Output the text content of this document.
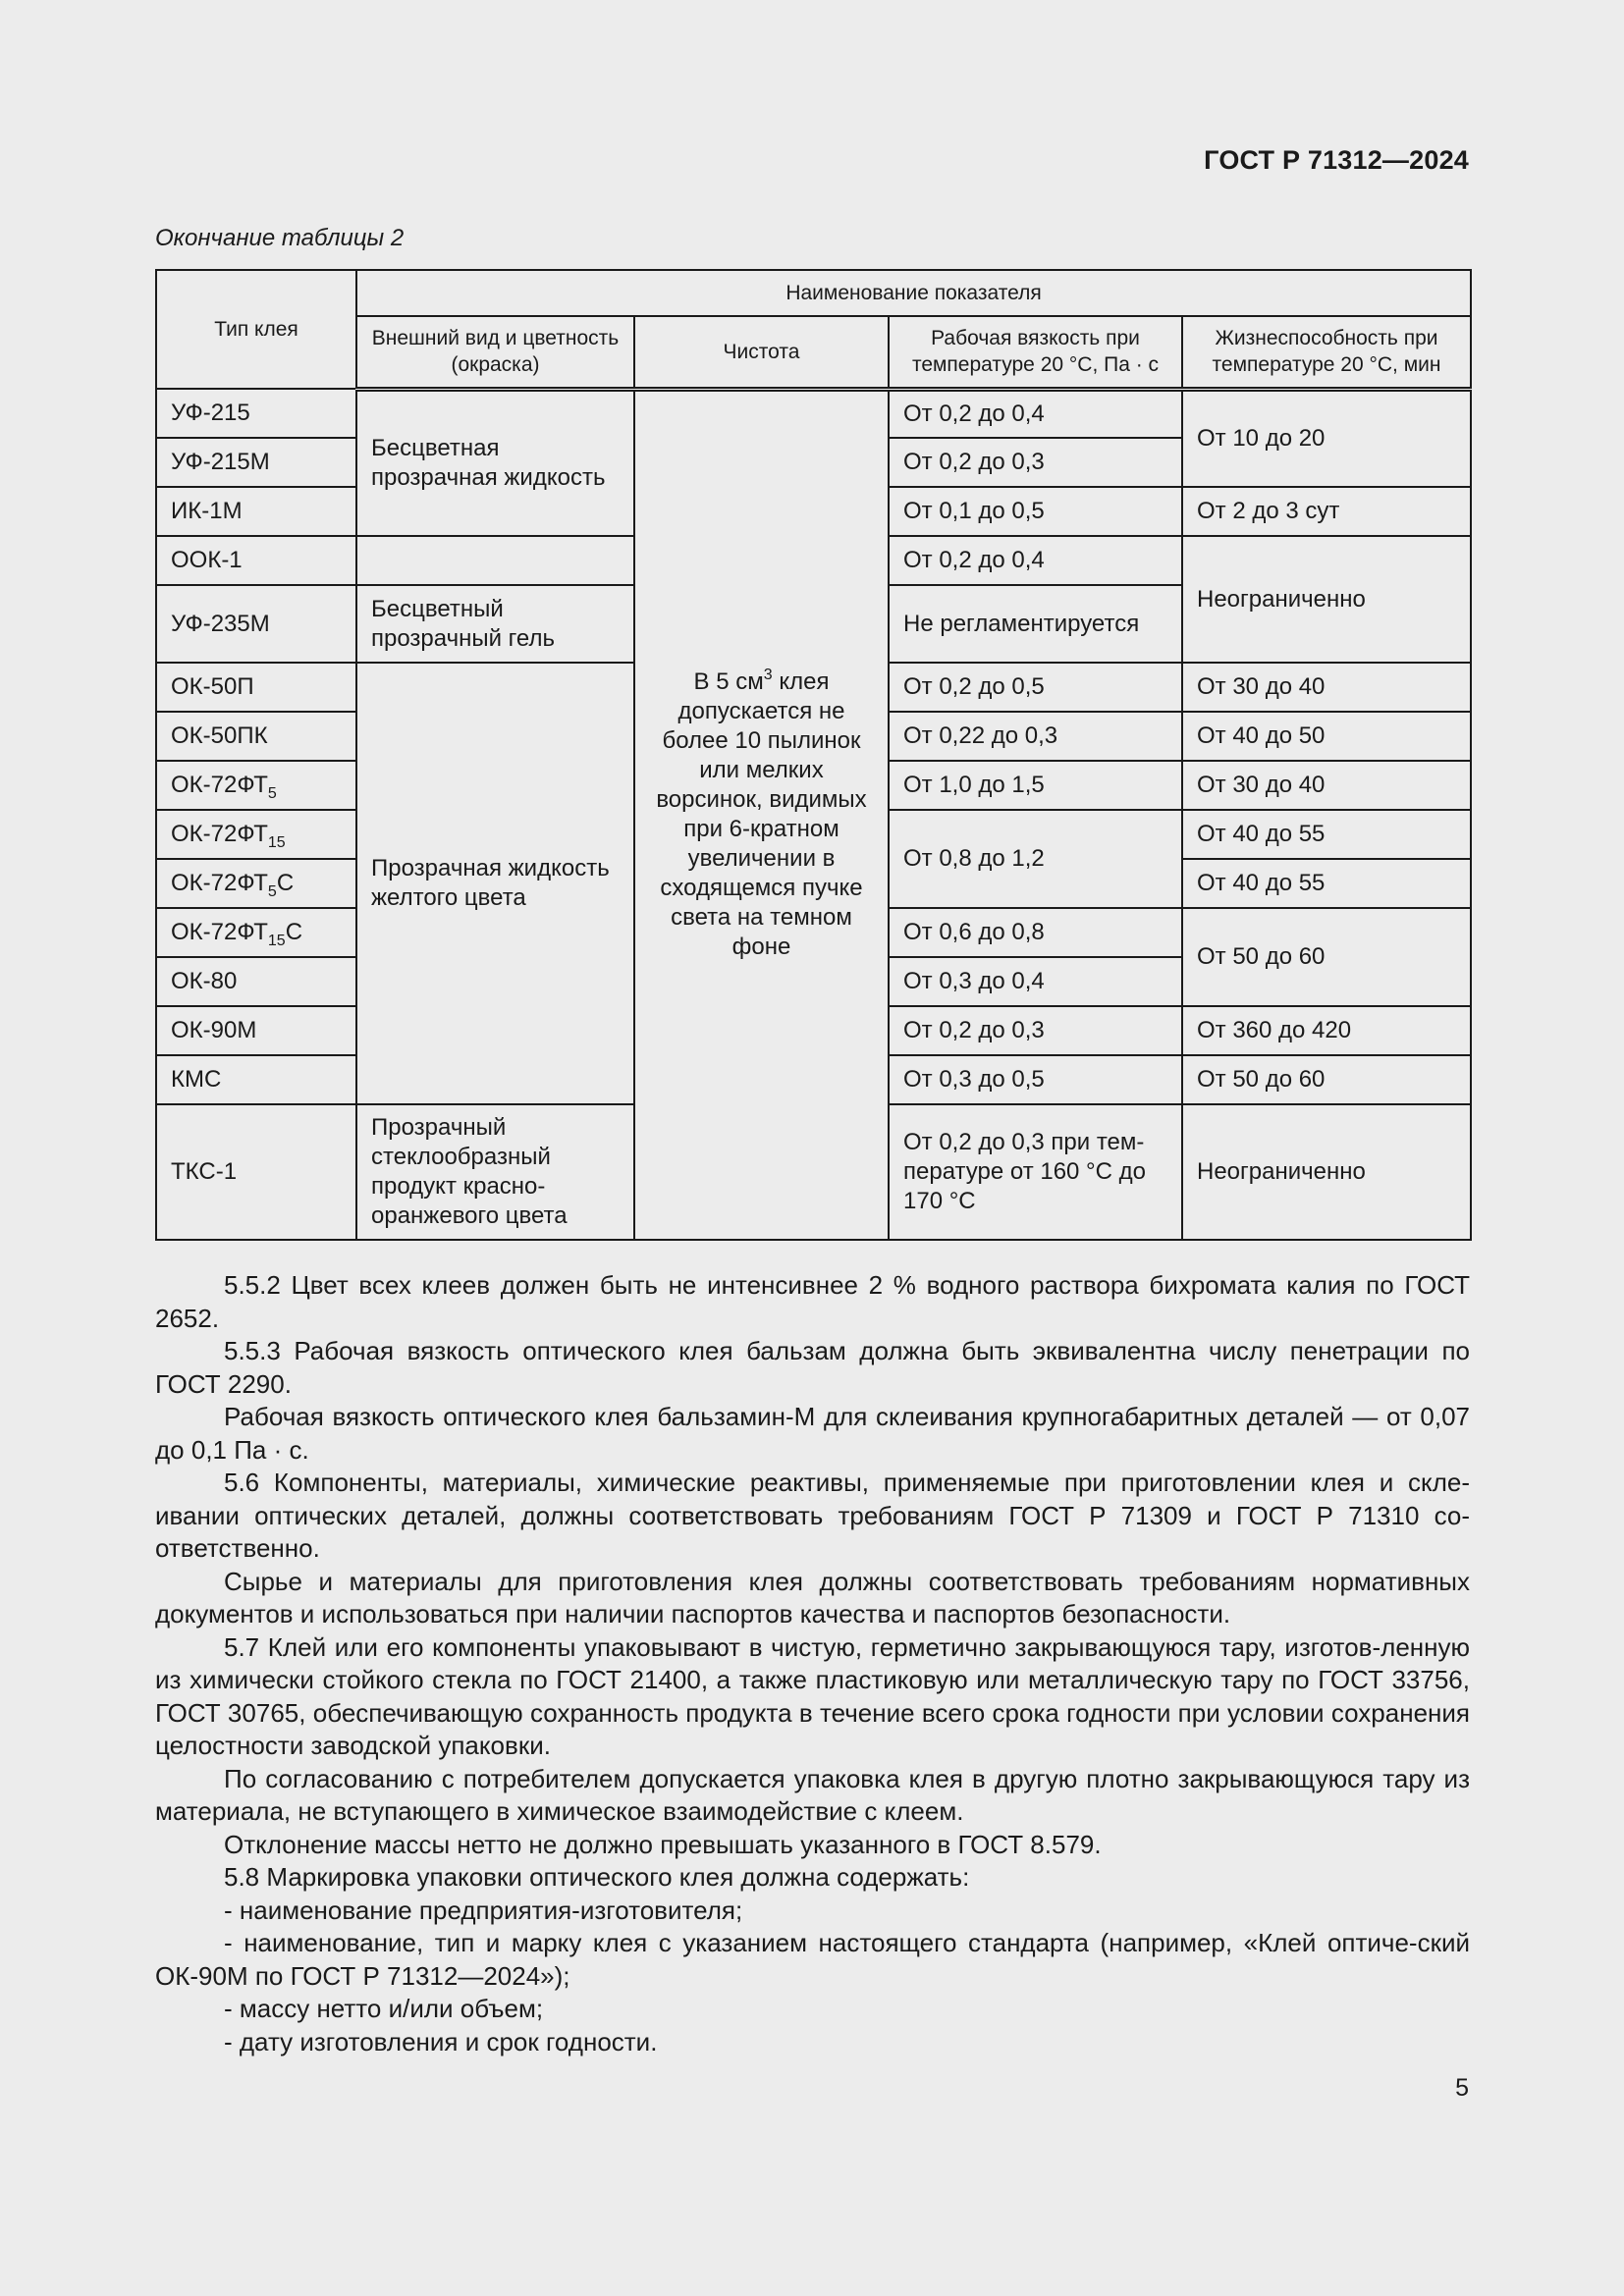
ГОСТ Р 71312—2024
Окончание таблицы 2
Тип клея	Наименование показателя			
	Внешний вид и цветность (окраска)	Чистота	Рабочая вязкость при температуре 20 °С, Па · с	Жизнеспособность при температуре 20 °С, мин
УФ-215	Бесцветная прозрачная жидкость	В 5 $см^3$ клея допускается не более 10 пылинок или мелких ворсинок, видимых при 6-кратном увеличении в сходящемся пучке света на темном фоне	От 0,2 до 0,4	От 10 до 20
УФ-215М			От 0,2 до 0,3	
ИК-1М			От 0,1 до 0,5	От 2 до 3 сут
ООК-1			От 0,2 до 0,4	Неограниченно
УФ-235М	Бесцветный прозрачный гель		Не регламентируется	
ОК-50П	Прозрачная жидкость желтого цвета		От 0,2 до 0,5	От 30 до 40
ОК-50ПК			От 0,22 до 0,3	От 40 до 50
$ОК-72ФТ_5$			От 1,0 до 1,5	От 30 до 40
$ОК-72ФТ_{15}$			От 0,8 до 1,2	От 40 до 55
$ОК-72ФТ_5С$				От 40 до 55
$ОК-72ФТ_{15}С$			От 0,6 до 0,8	От 50 до 60
ОК-80			От 0,3 до 0,4	
ОК-90М			От 0,2 до 0,3	От 360 до 420
КМС			От 0,3 до 0,5	От 50 до 60
ТКС-1	Прозрачный стеклообразный продукт красно-оранжевого цвета		От 0,2 до 0,3 при тем-пературе от 160 °С до 170 °С	Неограниченно

5.5.2 Цвет всех клеев должен быть не интенсивнее 2 % водного раствора бихромата калия по ГОСТ 2652.

5.5.3 Рабочая вязкость оптического клея бальзам должна быть эквивалентна числу пенетрации по ГОСТ 2290.

Рабочая вязкость оптического клея бальзамин-М для склеивания крупногабаритных деталей — от 0,07 до 0,1 Па · с.

5.6 Компоненты, материалы, химические реактивы, применяемые при приготовлении клея и скле-ивании оптических деталей, должны соответствовать требованиям ГОСТ Р 71309 и ГОСТ Р 71310 со-ответственно.

Сырье и материалы для приготовления клея должны соответствовать требованиям нормативных документов и использоваться при наличии паспортов качества и паспортов безопасности.

5.7 Клей или его компоненты упаковывают в чистую, герметично закрывающуюся тару, изготов-ленную из химически стойкого стекла по ГОСТ 21400, а также пластиковую или металлическую тару по ГОСТ 33756, ГОСТ 30765, обеспечивающую сохранность продукта в течение всего срока годности при условии сохранения целостности заводской упаковки.

По согласованию с потребителем допускается упаковка клея в другую плотно закрывающуюся тару из материала, не вступающего в химическое взаимодействие с клеем.

Отклонение массы нетто не должно превышать указанного в ГОСТ 8.579.

5.8 Маркировка упаковки оптического клея должна содержать:

- наименование предприятия-изготовителя;

- наименование, тип и марку клея с указанием настоящего стандарта (например, «Клей оптиче-ский ОК-90М по ГОСТ Р 71312—2024»);

- массу нетто и/или объем;

- дату изготовления и срок годности.

5
